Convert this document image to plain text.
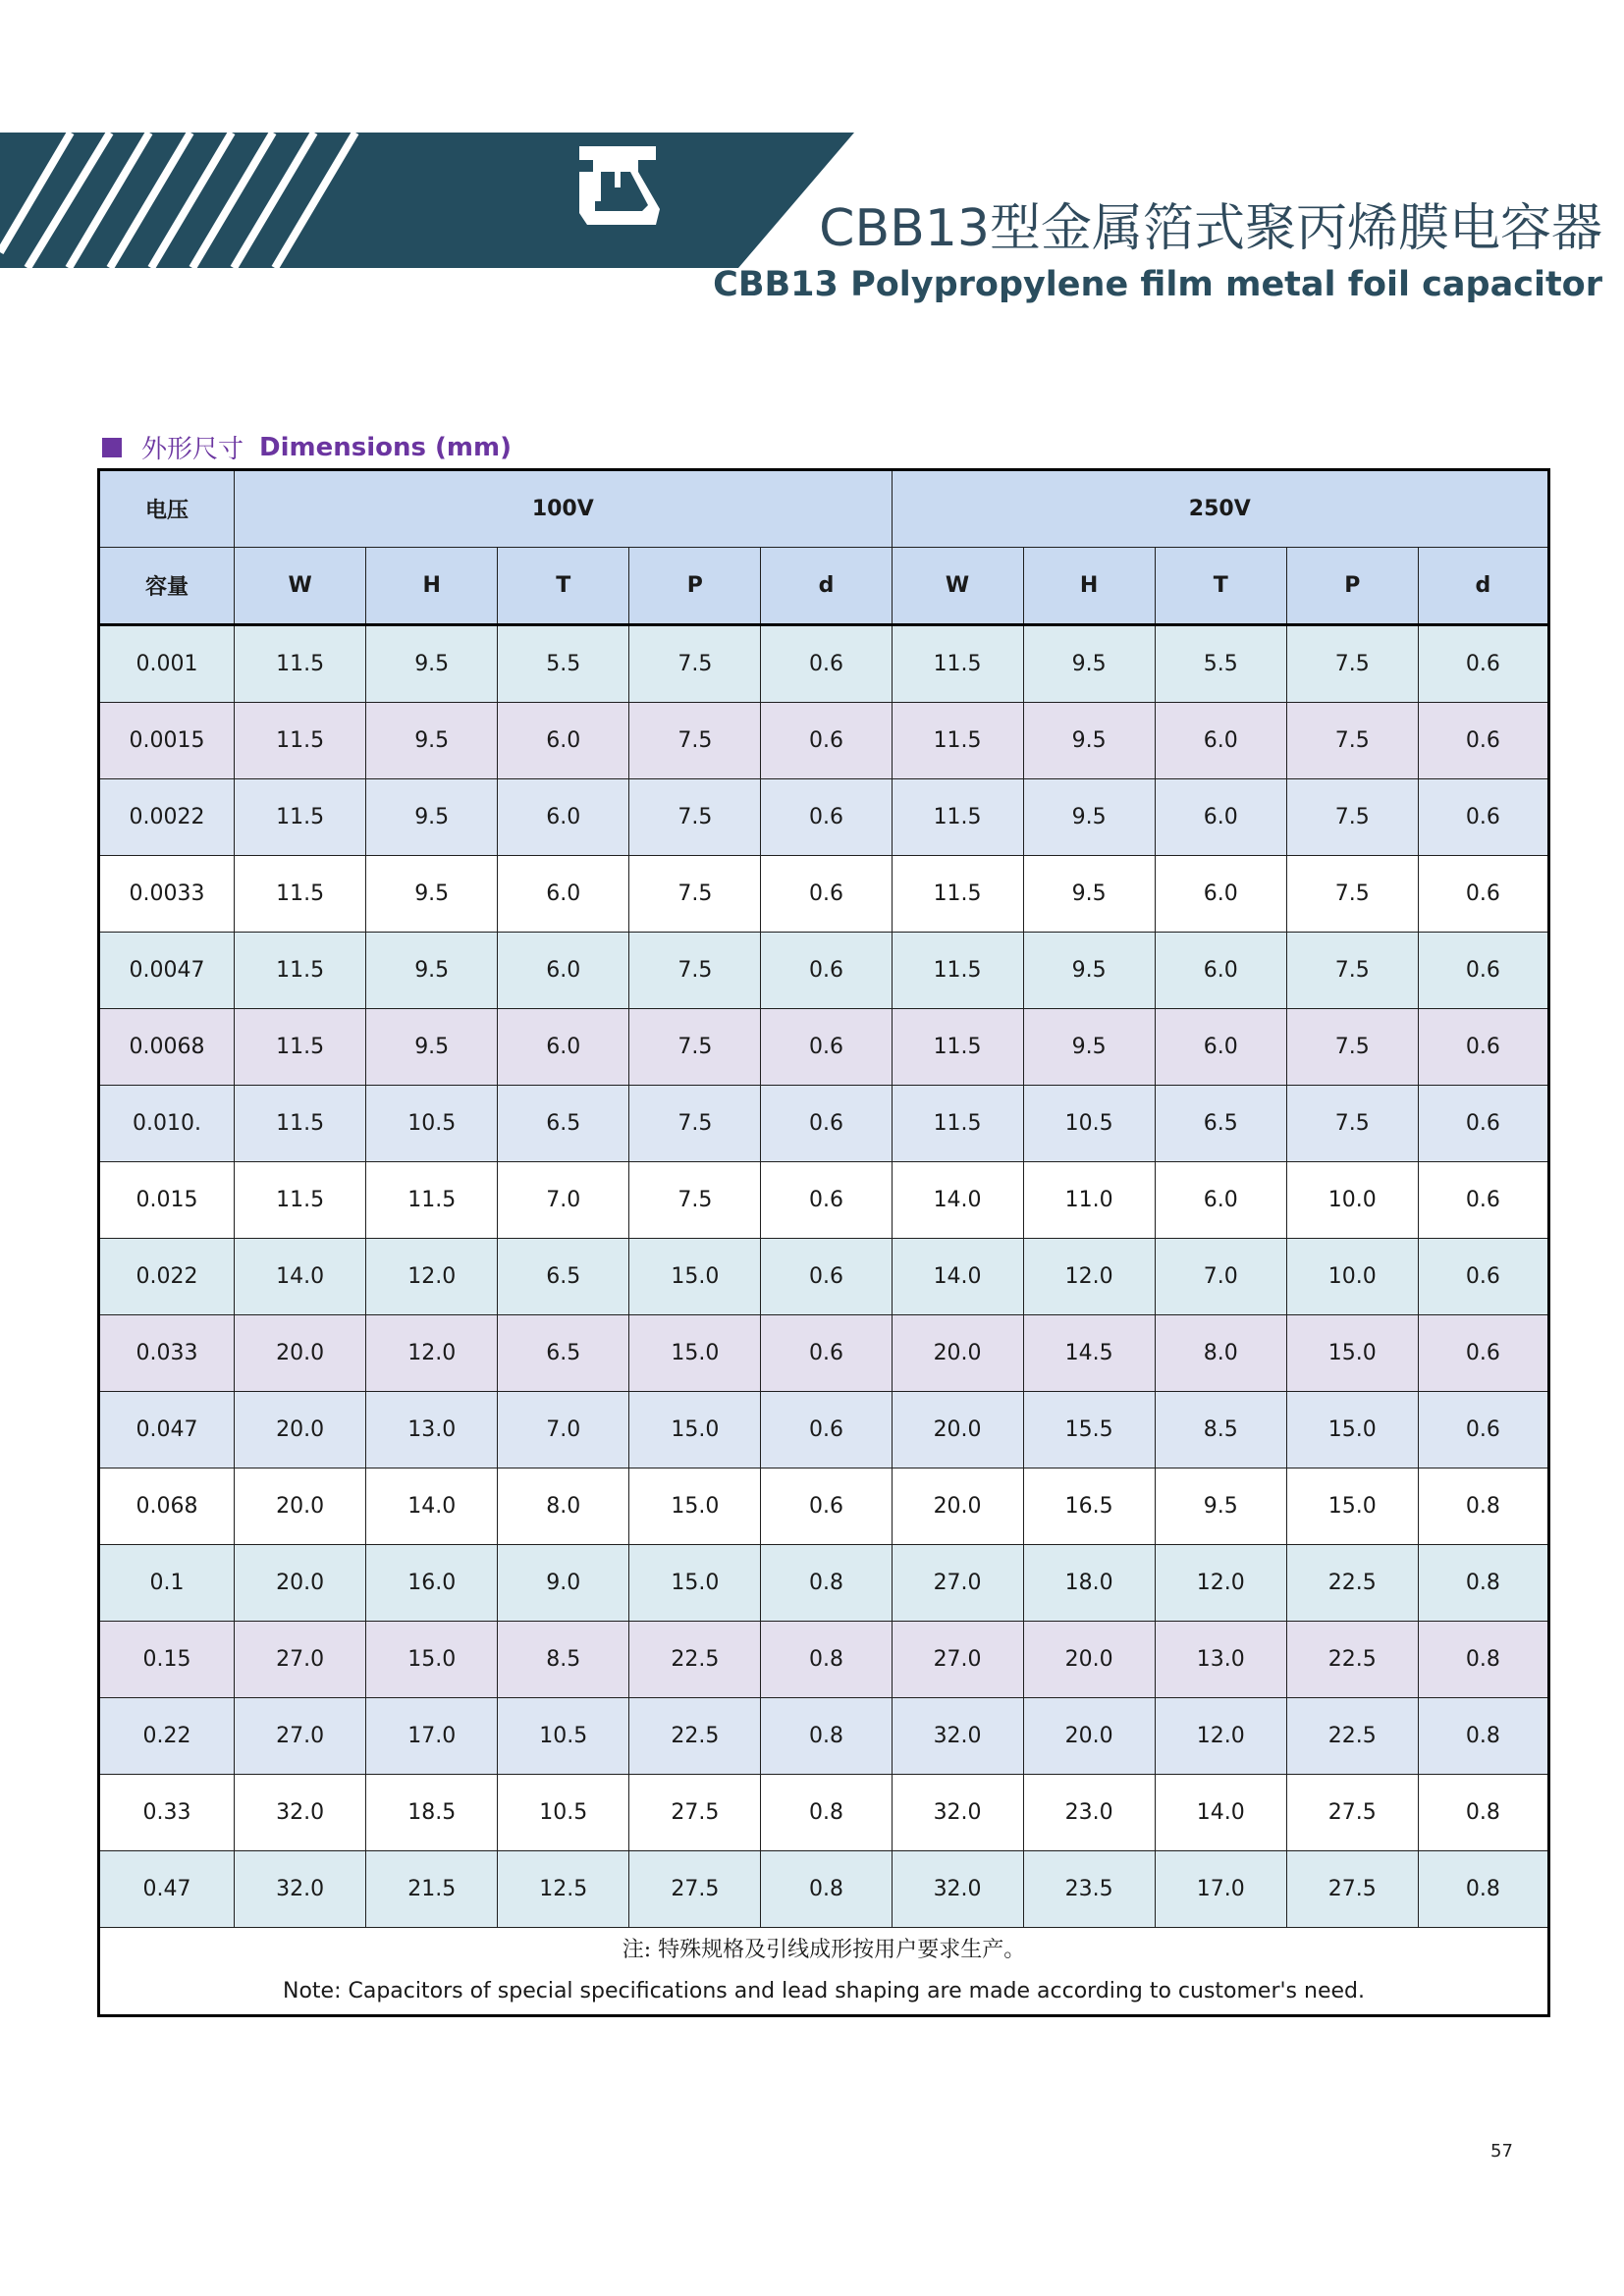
CBB13型金属箔式聚丙烯膜电容器
CBB13 Polypropylene film metal foil capacitor
外形尺寸 Dimensions (mm)
电压	100V					250V				
容量	W	H	T	P	d	W	H	T	P	d
0.001	11.5	9.5	5.5	7.5	0.6	11.5	9.5	5.5	7.5	0.6
0.0015	11.5	9.5	6.0	7.5	0.6	11.5	9.5	6.0	7.5	0.6
0.0022	11.5	9.5	6.0	7.5	0.6	11.5	9.5	6.0	7.5	0.6
0.0033	11.5	9.5	6.0	7.5	0.6	11.5	9.5	6.0	7.5	0.6
0.0047	11.5	9.5	6.0	7.5	0.6	11.5	9.5	6.0	7.5	0.6
0.0068	11.5	9.5	6.0	7.5	0.6	11.5	9.5	6.0	7.5	0.6
0.010.	11.5	10.5	6.5	7.5	0.6	11.5	10.5	6.5	7.5	0.6
0.015	11.5	11.5	7.0	7.5	0.6	14.0	11.0	6.0	10.0	0.6
0.022	14.0	12.0	6.5	15.0	0.6	14.0	12.0	7.0	10.0	0.6
0.033	20.0	12.0	6.5	15.0	0.6	20.0	14.5	8.0	15.0	0.6
0.047	20.0	13.0	7.0	15.0	0.6	20.0	15.5	8.5	15.0	0.6
0.068	20.0	14.0	8.0	15.0	0.6	20.0	16.5	9.5	15.0	0.8
0.1	20.0	16.0	9.0	15.0	0.8	27.0	18.0	12.0	22.5	0.8
0.15	27.0	15.0	8.5	22.5	0.8	27.0	20.0	13.0	22.5	0.8
0.22	27.0	17.0	10.5	22.5	0.8	32.0	20.0	12.0	22.5	0.8
0.33	32.0	18.5	10.5	27.5	0.8	32.0	23.0	14.0	27.5	0.8
0.47	32.0	21.5	12.5	27.5	0.8	32.0	23.5	17.0	27.5	0.8

注: 特殊规格及引线成形按用户要求生产。
Note: Capacitors of special specifications and lead shaping are made according to customer's need.										
57
